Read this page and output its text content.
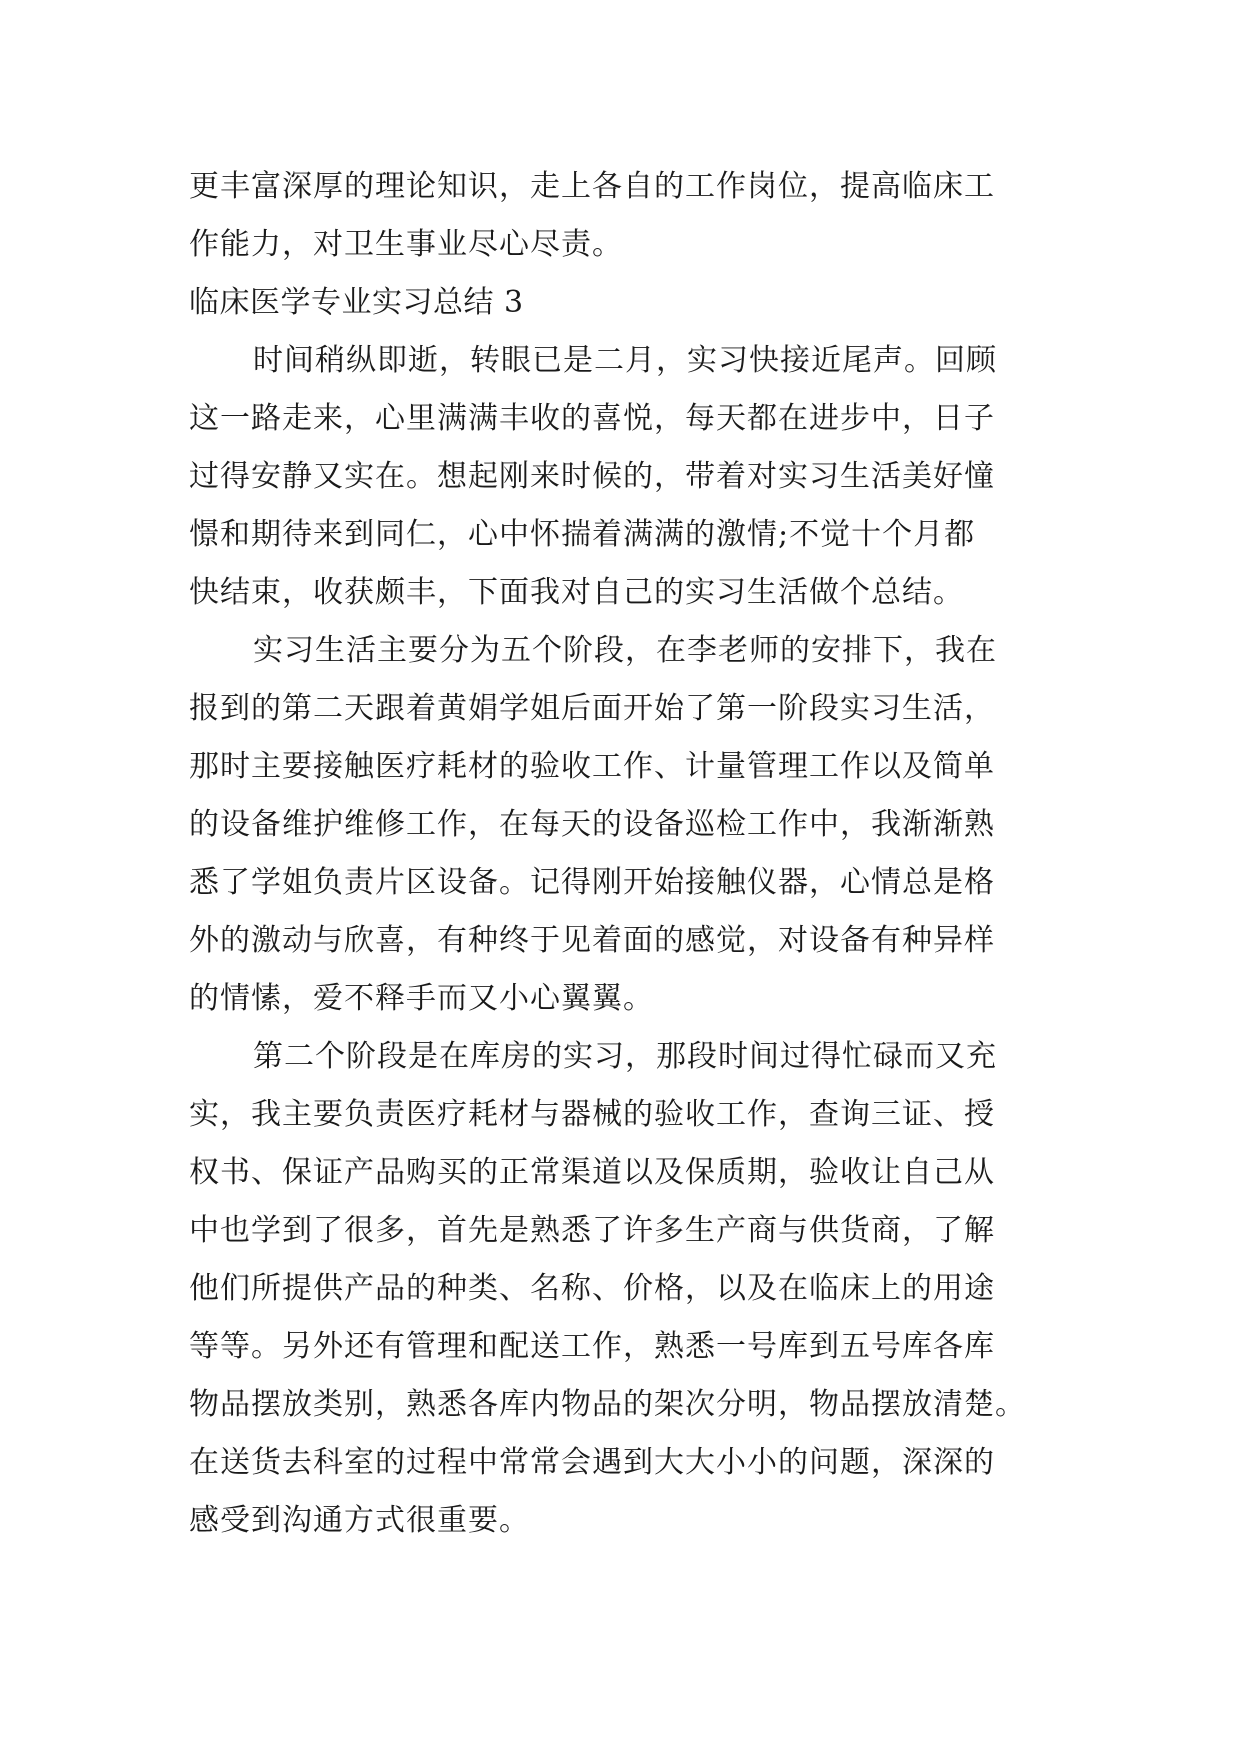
更丰富深厚的理论知识，走上各自的工作岗位，提高临床工
作能力，对卫生事业尽心尽责。
临床医学专业实习总结 3
时间稍纵即逝，转眼已是二月，实习快接近尾声。回顾
这一路走来，心里满满丰收的喜悦，每天都在进步中，日子
过得安静又实在。想起刚来时候的，带着对实习生活美好憧
憬和期待来到同仁，心中怀揣着满满的激情;不觉十个月都
快结束，收获颇丰，下面我对自己的实习生活做个总结。
实习生活主要分为五个阶段，在李老师的安排下，我在
报到的第二天跟着黄娟学姐后面开始了第一阶段实习生活，
那时主要接触医疗耗材的验收工作、计量管理工作以及简单
的设备维护维修工作，在每天的设备巡检工作中，我渐渐熟
悉了学姐负责片区设备。记得刚开始接触仪器，心情总是格
外的激动与欣喜，有种终于见着面的感觉，对设备有种异样
的情愫，爱不释手而又小心翼翼。
第二个阶段是在库房的实习，那段时间过得忙碌而又充
实，我主要负责医疗耗材与器械的验收工作，查询三证、授
权书、保证产品购买的正常渠道以及保质期，验收让自己从
中也学到了很多，首先是熟悉了许多生产商与供货商，了解
他们所提供产品的种类、名称、价格，以及在临床上的用途
等等。另外还有管理和配送工作，熟悉一号库到五号库各库
物品摆放类别，熟悉各库内物品的架次分明，物品摆放清楚。
在送货去科室的过程中常常会遇到大大小小的问题，深深的
感受到沟通方式很重要。
